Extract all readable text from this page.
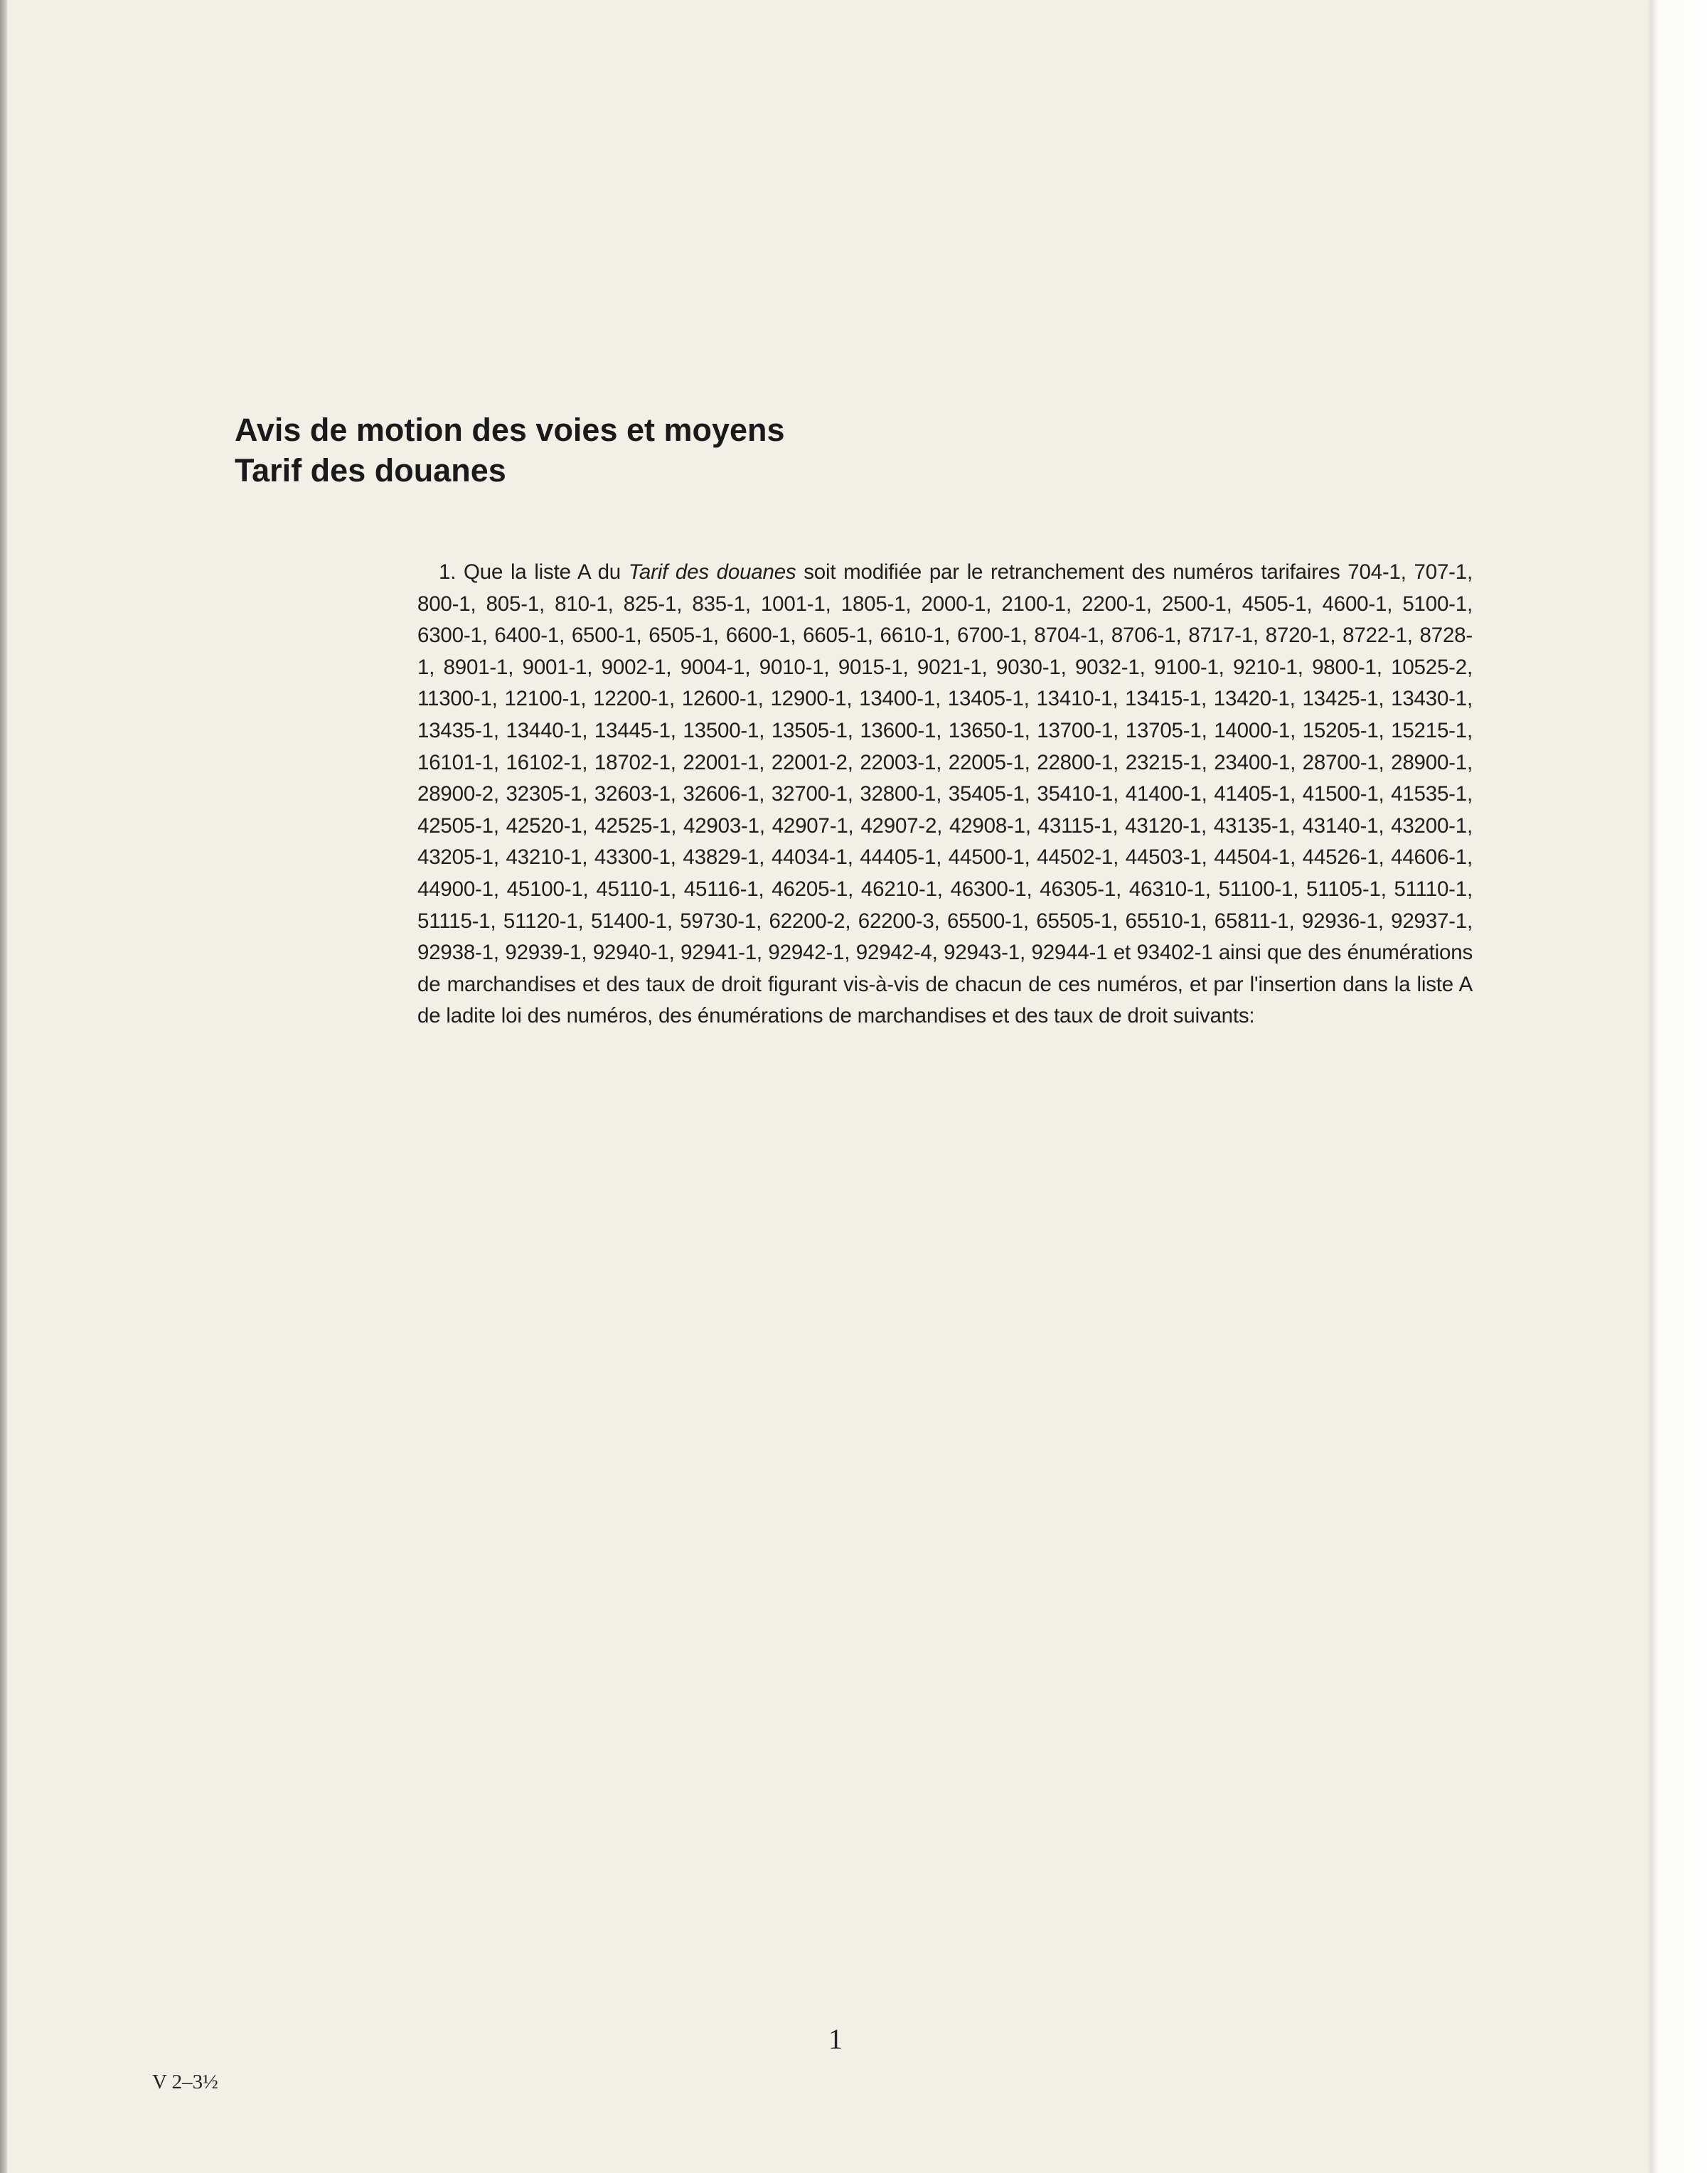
Avis de motion des voies et moyens
Tarif des douanes

1. Que la liste A du Tarif des douanes soit modifiée par le retranchement des numéros tarifaires 704-1, 707-1, 800-1, 805-1, 810-1, 825-1, 835-1, 1001-1, 1805-1, 2000-1, 2100-1, 2200-1, 2500-1, 4505-1, 4600-1, 5100-1, 6300-1, 6400-1, 6500-1, 6505-1, 6600-1, 6605-1, 6610-1, 6700-1, 8704-1, 8706-1, 8717-1, 8720-1, 8722-1, 8728-1, 8901-1, 9001-1, 9002-1, 9004-1, 9010-1, 9015-1, 9021-1, 9030-1, 9032-1, 9100-1, 9210-1, 9800-1, 10525-2, 11300-1, 12100-1, 12200-1, 12600-1, 12900-1, 13400-1, 13405-1, 13410-1, 13415-1, 13420-1, 13425-1, 13430-1, 13435-1, 13440-1, 13445-1, 13500-1, 13505-1, 13600-1, 13650-1, 13700-1, 13705-1, 14000-1, 15205-1, 15215-1, 16101-1, 16102-1, 18702-1, 22001-1, 22001-2, 22003-1, 22005-1, 22800-1, 23215-1, 23400-1, 28700-1, 28900-1, 28900-2, 32305-1, 32603-1, 32606-1, 32700-1, 32800-1, 35405-1, 35410-1, 41400-1, 41405-1, 41500-1, 41535-1, 42505-1, 42520-1, 42525-1, 42903-1, 42907-1, 42907-2, 42908-1, 43115-1, 43120-1, 43135-1, 43140-1, 43200-1, 43205-1, 43210-1, 43300-1, 43829-1, 44034-1, 44405-1, 44500-1, 44502-1, 44503-1, 44504-1, 44526-1, 44606-1, 44900-1, 45100-1, 45110-1, 45116-1, 46205-1, 46210-1, 46300-1, 46305-1, 46310-1, 51100-1, 51105-1, 51110-1, 51115-1, 51120-1, 51400-1, 59730-1, 62200-2, 62200-3, 65500-1, 65505-1, 65510-1, 65811-1, 92936-1, 92937-1, 92938-1, 92939-1, 92940-1, 92941-1, 92942-1, 92942-4, 92943-1, 92944-1 et 93402-1 ainsi que des énumérations de marchandises et des taux de droit figurant vis-à-vis de chacun de ces numéros, et par l'insertion dans la liste A de ladite loi des numéros, des énumérations de marchandises et des taux de droit suivants:

1
V 2–3½
